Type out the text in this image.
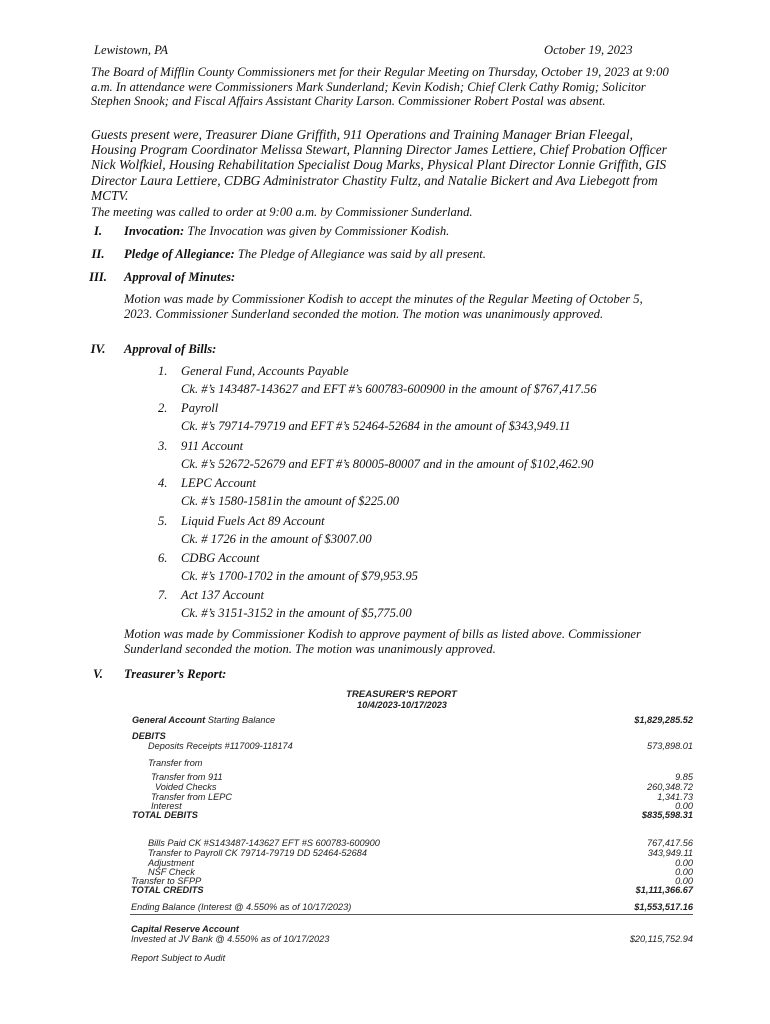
Lewistown, PA	October 19, 2023

The Board of Mifflin County Commissioners met for their Regular Meeting on Thursday, October 19, 2023 at 9:00 a.m. In attendance were Commissioners Mark Sunderland; Kevin Kodish; Chief Clerk Cathy Romig; Solicitor Stephen Snook; and Fiscal Affairs Assistant Charity Larson. Commissioner Robert Postal was absent.

Guests present were, Treasurer Diane Griffith, 911 Operations and Training Manager Brian Fleegal, Housing Program Coordinator Melissa Stewart, Planning Director James Lettiere, Chief Probation Officer Nick Wolfkiel, Housing Rehabilitation Specialist Doug Marks, Physical Plant Director Lonnie Griffith, GIS Director Laura Lettiere, CDBG Administrator Chastity Fultz, and Natalie Bickert and Ava Liebegott from MCTV.

The meeting was called to order at 9:00 a.m. by Commissioner Sunderland.

I.	Invocation: The Invocation was given by Commissioner Kodish.
II.	Pledge of Allegiance: The Pledge of Allegiance was said by all present.
III.	Approval of Minutes:

Motion was made by Commissioner Kodish to accept the minutes of the Regular Meeting of October 5, 2023. Commissioner Sunderland seconded the motion. The motion was unanimously approved.

IV.	Approval of Bills:
1. General Fund, Accounts Payable
Ck. #’s 143487-143627 and EFT #’s 600783-600900 in the amount of $767,417.56
2. Payroll
Ck. #’s 79714-79719 and EFT #’s 52464-52684 in the amount of $343,949.11
3. 911 Account
Ck. #’s 52672-52679 and EFT #’s 80005-80007 and in the amount of $102,462.90
4. LEPC Account
Ck. #’s 1580-1581in the amount of $225.00
5. Liquid Fuels Act 89 Account
Ck. # 1726 in the amount of $3007.00
6. CDBG Account
Ck. #’s 1700-1702 in the amount of $79,953.95
7. Act 137 Account
Ck. #’s 3151-3152 in the amount of $5,775.00

Motion was made by Commissioner Kodish to approve payment of bills as listed above. Commissioner Sunderland seconded the motion. The motion was unanimously approved.

V.	Treasurer’s Report:
TREASURER'S REPORT
10/4/2023-10/17/2023
General Account Starting Balance	$1,829,285.52
DEBITS
Deposits Receipts #117009-118174	573,898.01
Transfer from
Transfer from 911	9.85
Voided Checks	260,348.72
Transfer from LEPC	1,341.73
Interest	0.00
TOTAL DEBITS	$835,598.31
Bills Paid CK #S143487-143627 EFT #S 600783-600900	767,417.56
Transfer to Payroll CK 79714-79719 DD 52464-52684	343,949.11
Adjustment	0.00
NSF Check	0.00
Transfer to SFPP	0.00
TOTAL CREDITS	$1,111,366.67
Ending Balance (Interest @ 4.550% as of 10/17/2023)	$1,553,517.16
Capital Reserve Account
Invested at JV Bank @ 4.550% as of 10/17/2023	$20,115,752.94
Report Subject to Audit
